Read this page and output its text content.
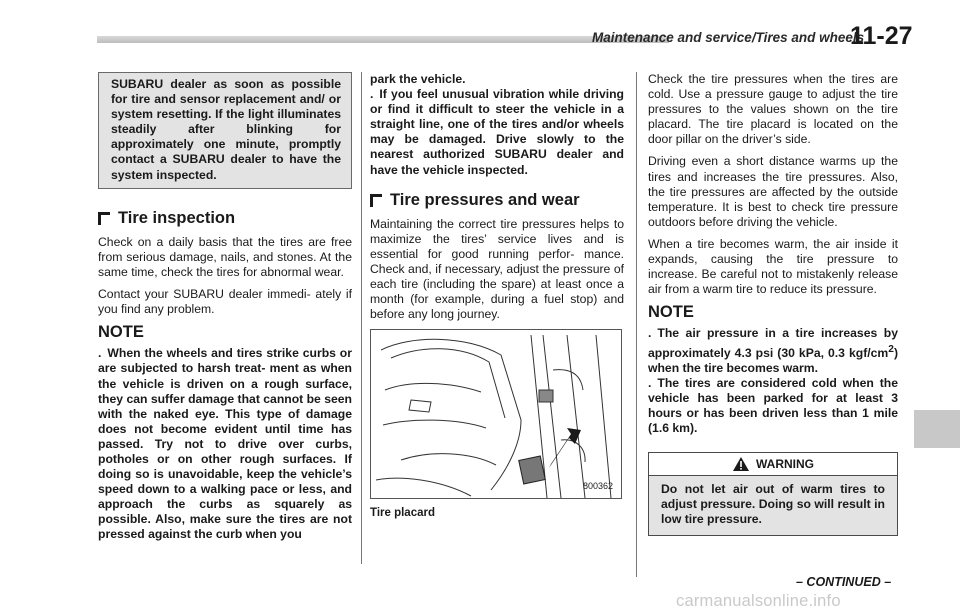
Maintenance and service/Tires and wheels
11-27
SUBARU dealer as soon as possible for tire and sensor replacement and/ or system resetting. If the light illuminates steadily after blinking for approximately one minute, promptly contact a SUBARU dealer to have the system inspected.
Tire inspection

Check on a daily basis that the tires are free from serious damage, nails, and stones. At the same time, check the tires for abnormal wear.

Contact your SUBARU dealer immedi- ately if you find any problem.

NOTE

. When the wheels and tires strike curbs or are subjected to harsh treat- ment as when the vehicle is driven on a rough surface, they can suffer damage that cannot be seen with the naked eye. This type of damage does not become evident until time has passed. Try not to drive over curbs, potholes or on other rough surfaces. If doing so is unavoidable, keep the vehicle’s speed down to a walking pace or less, and approach the curbs as squarely as possible. Also, make sure the tires are not pressed against the curb when you

park the vehicle.

. If you feel unusual vibration while driving or find it difficult to steer the vehicle in a straight line, one of the tires and/or wheels may be damaged. Drive slowly to the nearest authorized SUBARU dealer and have the vehicle inspected.

Tire pressures and wear

Maintaining the correct tire pressures helps to maximize the tires’ service lives and is essential for good running perfor- mance. Check and, if necessary, adjust the pressure of each tire (including the spare) at least once a month (for example, during a fuel stop) and before any long journey.

800362
Tire placard

Check the tire pressures when the tires are cold. Use a pressure gauge to adjust the tire pressures to the values shown on the tire placard. The tire placard is located on the door pillar on the driver’s side.

Driving even a short distance warms up the tires and increases the tire pressures. Also, the tire pressures are affected by the outside temperature. It is best to check tire pressure outdoors before driving the vehicle.

When a tire becomes warm, the air inside it expands, causing the tire pressure to increase. Be careful not to mistakenly release air from a warm tire to reduce its pressure.

NOTE

. The air pressure in a tire increases by approximately 4.3 psi (30 kPa, 0.3 kgf/$cm^2$) when the tire becomes warm.

. The tires are considered cold when the vehicle has been parked for at least 3 hours or has been driven less than 1 mile (1.6 km).

WARNING
Do not let air out of warm tires to adjust pressure. Doing so will result in low tire pressure.
– CONTINUED –
carmanualsonline.info
